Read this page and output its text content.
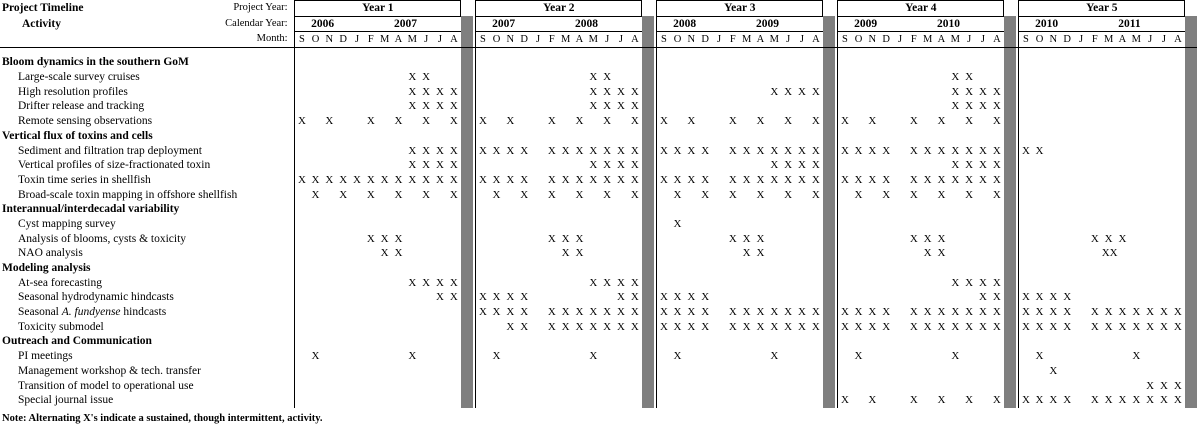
Project Timeline	Project Year:		Year 1			Year 2			Year 3			Year 4			Year 5	
Activity	Calendar Year:		2006	2007			2007	2008			2008	2009			2009	2010			2010	2011	
Month:		S	O	N	D	J	F	M	A	M	J	J	A			S	O	N	D	J	F	M	A	M	J	J	A			S	O	N	D	J	F	M	A	M	J	J	A			S	O	N	D	J	F	M	A	M	J	J	A			S	O	N	D	J	F	M	A	M	J	J	A	

Bloom dynamics in the southern GoM																																																																						
Large-scale survey cruises										X	X													X	X																											X	X																	
High resolution profiles										X	X	X	X											X	X	X	X											X	X	X	X											X	X	X	X															
Drifter release and tracking										X	X	X	X											X	X	X	X																									X	X	X	X															
Remote sensing observations		X		X			X		X		X		X			X		X			X		X		X		X			X		X			X		X		X		X			X		X			X		X		X		X															
Vertical flux of toxins and cells																																																																						
Sediment and filtration trap deployment										X	X	X	X			X	X	X	X		X	X	X	X	X	X	X			X	X	X	X		X	X	X	X	X	X	X			X	X	X	X		X	X	X	X	X	X	X			X	X											
Vertical profiles of size-fractionated toxin										X	X	X	X											X	X	X	X											X	X	X	X											X	X	X	X															
Toxin time series in shellfish		X	X	X	X	X	X	X	X	X	X	X	X			X	X	X	X		X	X	X	X	X	X	X			X	X	X	X		X	X	X	X	X	X	X			X	X	X	X		X	X	X	X	X	X	X															
Broad-scale toxin mapping in offshore shellfish			X		X		X		X		X		X				X		X		X		X		X		X				X		X		X		X		X		X				X		X		X		X		X		X															
Interannual/interdecadal variability																																																																						
Cyst mapping survey																															X																																							
Analysis of blooms, cysts & toxicity							X	X	X												X	X	X												X	X	X												X	X	X												X	X	X					
NAO analysis								X	X													X	X													X	X													X	X													XX						
Modeling analysis																																																																						
At-sea forecasting										X	X	X	X											X	X	X	X																									X	X	X	X															
Seasonal hydrodynamic hindcasts												X	X			X	X	X	X							X	X			X	X	X	X																					X	X			X	X	X	X									
Seasonal A. fundyense hindcasts																X	X	X	X		X	X	X	X	X	X	X			X	X	X	X		X	X	X	X	X	X	X			X	X	X	X		X	X	X	X	X	X	X			X	X	X	X		X	X	X	X	X	X	X	
Toxicity submodel																		X	X		X	X	X	X	X	X	X			X	X	X	X		X	X	X	X	X	X	X			X	X	X	X		X	X	X	X	X	X	X			X	X	X	X		X	X	X	X	X	X	X	
Outreach and Communication																																																																						
PI meetings			X							X							X							X							X							X							X							X							X							X				
Management workshop & tech. transfer																																																												X										
Transition of model to operational use																																																																			X	X	X	
Special journal issue																																												X		X			X		X		X		X			X	X	X	X		X	X	X	X	X	X	X	
Note: Alternating X's indicate a sustained, though intermittent, activity.
